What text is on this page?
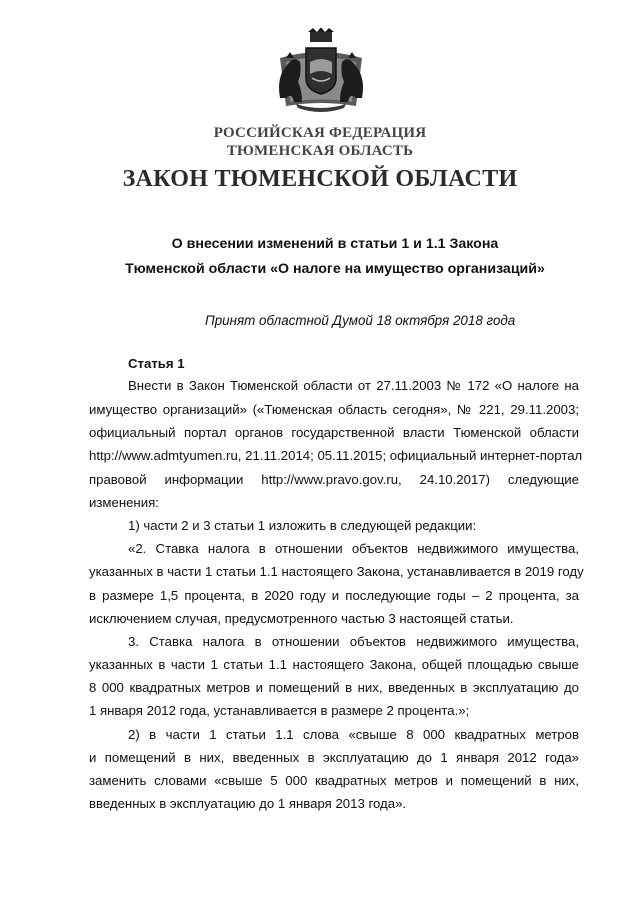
РОССИЙСКАЯ ФЕДЕРАЦИЯ
ТЮМЕНСКАЯ ОБЛАСТЬ
ЗАКОН ТЮМЕНСКОЙ ОБЛАСТИ
О внесении изменений в статьи 1 и 1.1 Закона
Тюменской области «О налоге на имущество организаций»
Принят областной Думой 18 октября 2018 года
Статья 1
Внести в Закон Тюменской области от 27.11.2003 № 172 «О налоге на
имущество организаций» («Тюменская область сегодня», № 221, 29.11.2003;
официальный портал органов государственной власти Тюменской области
http://www.admtyumen.ru, 21.11.2014; 05.11.2015; официальный интернет-портал
правовой информации http://www.pravo.gov.ru, 24.10.2017) следующие
изменения:
1) части 2 и 3 статьи 1 изложить в следующей редакции:
«2. Ставка налога в отношении объектов недвижимого имущества,
указанных в части 1 статьи 1.1 настоящего Закона, устанавливается в 2019 году
в размере 1,5 процента, в 2020 году и последующие годы – 2 процента, за
исключением случая, предусмотренного частью 3 настоящей статьи.
3. Ставка налога в отношении объектов недвижимого имущества,
указанных в части 1 статьи 1.1 настоящего Закона, общей площадью свыше
8 000 квадратных метров и помещений в них, введенных в эксплуатацию до
1 января 2012 года, устанавливается в размере 2 процента.»;
2) в части 1 статьи 1.1 слова «свыше 8 000 квадратных метров
и помещений в них, введенных в эксплуатацию до 1 января 2012 года»
заменить словами «свыше 5 000 квадратных метров и помещений в них,
введенных в эксплуатацию до 1 января 2013 года».
